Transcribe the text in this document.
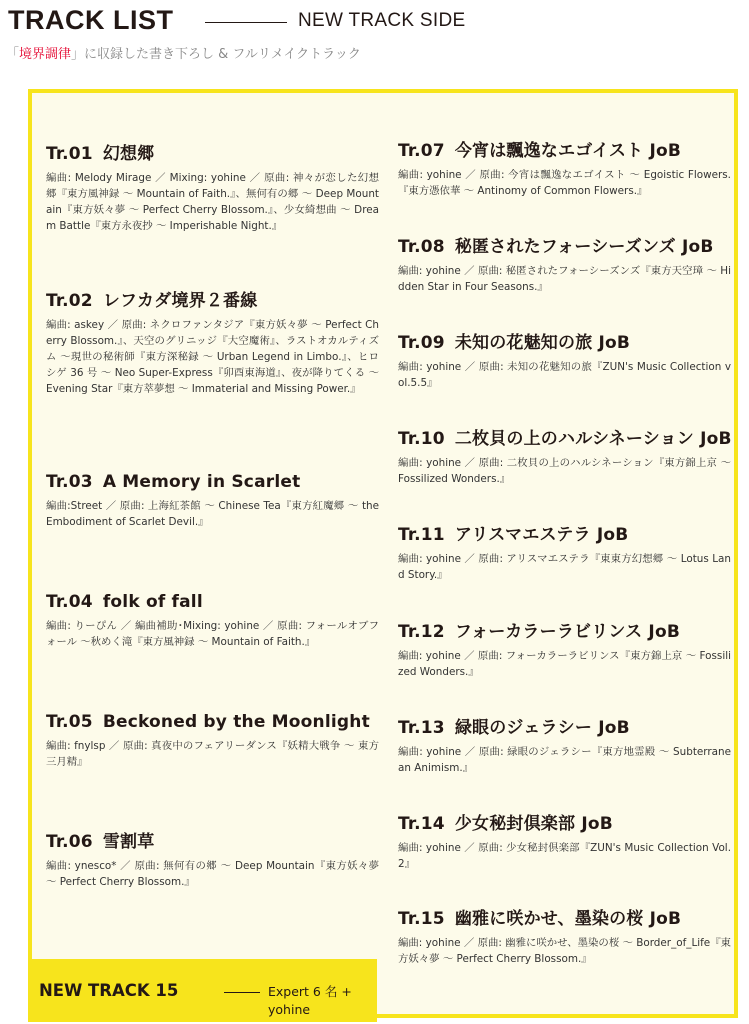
TRACK LIST	NEW TRACK SIDE
「境界調律」に収録した書き下ろし & フルリメイクトラック
Tr.01 幻想郷
編曲: Melody Mirage ／ Mixing: yohine ／ 原曲: 神々が恋した幻想郷『東方風神録 ～ Mountain of Faith.』、無何有の郷 ～ Deep Mountain『東方妖々夢 ～ Perfect Cherry Blossom.』、少女綺想曲 ～ Dream Battle『東方永夜抄 ～ Imperishable Night.』
Tr.02 レフカダ境界２番線
編曲: askey ／ 原曲: ネクロファンタジア『東方妖々夢 ～ Perfect Cherry Blossom.』、天空のグリニッジ『大空魔術』、ラストオカルティズム ～現世の秘術師『東方深秘録 ～ Urban Legend in Limbo.』、ヒロシゲ 36 号 ～ Neo Super-Express『卯酉東海道』、夜が降りてくる ～ Evening Star『東方萃夢想 ～ Immaterial and Missing Power.』
Tr.03 A Memory in Scarlet
編曲:Street ／ 原曲: 上海紅茶館 ～ Chinese Tea『東方紅魔郷 ～ the Embodiment of Scarlet Devil.』
Tr.04 folk of fall
編曲: りーぴん ／ 編曲補助･Mixing: yohine ／ 原曲: フォールオブフォール ～秋めく滝『東方風神録 ～ Mountain of Faith.』
Tr.05 Beckoned by the Moonlight
編曲: fnylsp ／ 原曲: 真夜中のフェアリーダンス『妖精大戦争 ～ 東方三月精』
Tr.06 雪割草
編曲: ynesco* ／ 原曲: 無何有の郷 ～ Deep Mountain『東方妖々夢 ～ Perfect Cherry Blossom.』
Tr.07 今宵は飄逸なエゴイスト JoB
編曲: yohine ／ 原曲: 今宵は飄逸なエゴイスト ～ Egoistic Flowers.『東方憑依華 ～ Antinomy of Common Flowers.』
Tr.08 秘匿されたフォーシーズンズ JoB
編曲: yohine ／ 原曲: 秘匿されたフォーシーズンズ『東方天空璋 ～ Hidden Star in Four Seasons.』
Tr.09 未知の花魅知の旅 JoB
編曲: yohine ／ 原曲: 未知の花魅知の旅『ZUN's Music Collection vol.5.5』
Tr.10 二枚貝の上のハルシネーション JoB
編曲: yohine ／ 原曲: 二枚貝の上のハルシネーション『東方錦上京 ～ Fossilized Wonders.』
Tr.11 アリスマエステラ JoB
編曲: yohine ／ 原曲: アリスマエステラ『東東方幻想郷 ～ Lotus Land Story.』
Tr.12 フォーカラーラビリンス JoB
編曲: yohine ／ 原曲: フォーカラーラビリンス『東方錦上京 ～ Fossilized Wonders.』
Tr.13 緑眼のジェラシー JoB
編曲: yohine ／ 原曲: 緑眼のジェラシー『東方地霊殿 ～ Subterranean Animism.』
Tr.14 少女秘封倶楽部 JoB
編曲: yohine ／ 原曲: 少女秘封倶楽部『ZUN's Music Collection Vol.2』
Tr.15 幽雅に咲かせ、墨染の桜 JoB
編曲: yohine ／ 原曲: 幽雅に咲かせ、墨染の桜 ～ Border_of_Life『東方妖々夢 ～ Perfect Cherry Blossom.』
NEW TRACK 15	Expert 6 名 + yohine
